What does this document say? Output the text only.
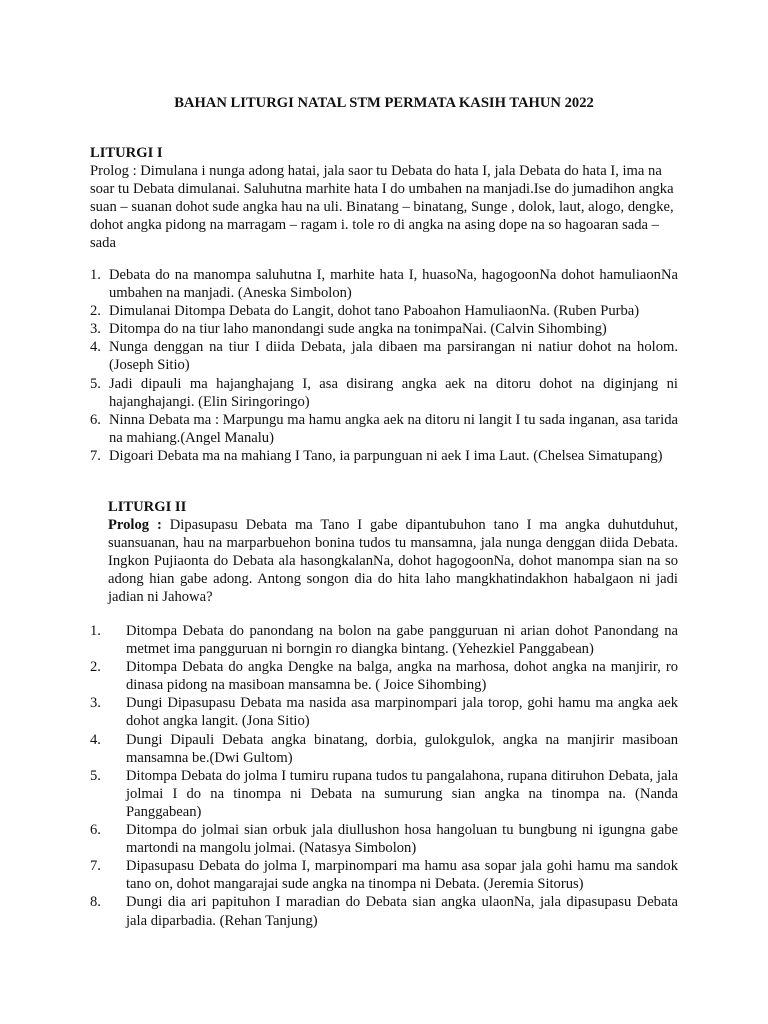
BAHAN LITURGI NATAL STM PERMATA KASIH TAHUN 2022
LITURGI I
Prolog : Dimulana i nunga adong hatai, jala saor tu Debata do hata I, jala Debata do hata I, ima na soar tu Debata dimulanai. Saluhutna marhite hata I do umbahen na manjadi.Ise do jumadihon angka suan – suanan dohot sude angka hau na uli. Binatang – binatang, Sunge , dolok, laut, alogo, dengke, dohot angka pidong na marragam – ragam i. tole ro di angka na asing dope na so hagoaran sada – sada
1. Debata do na manompa saluhutna I, marhite hata I, huasoNa, hagogoonNa dohot hamuliaonNa umbahen na manjadi. (Aneska Simbolon)
2. Dimulanai Ditompa Debata do Langit, dohot tano Paboahon HamuliaonNa. (Ruben Purba)
3. Ditompa do na tiur laho manondangi sude angka na tonimpaNai. (Calvin Sihombing)
4. Nunga denggan na tiur I diida Debata, jala dibaen ma parsirangan ni natiur dohot na holom. (Joseph Sitio)
5. Jadi dipauli ma hajanghajang I, asa disirang angka aek na ditoru dohot na diginjang ni hajanghajangi. (Elin Siringoringo)
6. Ninna Debata ma : Marpungu ma hamu angka aek na ditoru ni langit I tu sada inganan, asa tarida na mahiang.(Angel Manalu)
7. Digoari Debata ma na mahiang I Tano, ia parpunguan ni aek I ima Laut. (Chelsea Simatupang)
LITURGI II
Prolog : Dipasupasu Debata ma Tano I gabe dipantubuhon tano I ma angka duhutduhut, suansuanan, hau na marparbuehon bonina tudos tu mansamna, jala nunga denggan diida Debata. Ingkon Pujiaonta do Debata ala hasongkalanNa, dohot hagogoonNa, dohot manompa sian na so adong hian gabe adong. Antong songon dia do hita laho mangkhatindakhon habalgaon ni jadi jadian ni Jahowa?
1. Ditompa Debata do panondang na bolon na gabe pangguruan ni arian dohot Panondang na metmet ima pangguruan ni borngin ro diangka bintang. (Yehezkiel Panggabean)
2. Ditompa Debata do angka Dengke na balga, angka na marhosa, dohot angka na manjirir, ro dinasa pidong na masiboan mansamna be. ( Joice Sihombing)
3. Dungi Dipasupasu Debata ma nasida asa marpinompari jala torop, gohi hamu ma angka aek dohot angka langit. (Jona Sitio)
4. Dungi Dipauli Debata angka binatang, dorbia, gulokgulok, angka na manjirir masiboan mansamna be.(Dwi Gultom)
5. Ditompa Debata do jolma I tumiru rupana tudos tu pangalahona, rupana ditiruhon Debata, jala jolmai I do na tinompa ni Debata na sumurung sian angka na tinompa na. (Nanda Panggabean)
6. Ditompa do jolmai sian orbuk jala diullushon hosa hangoluan tu bungbung ni igungna gabe martondi na mangolu jolmai. (Natasya Simbolon)
7. Dipasupasu Debata do jolma I, marpinompari ma hamu asa sopar jala gohi hamu ma sandok tano on, dohot mangarajai sude angka na tinompa ni Debata. (Jeremia Sitorus)
8. Dungi dia ari papituhon I maradian do Debata sian angka ulaonNa, jala dipasupasu Debata jala diparbadia. (Rehan Tanjung)
